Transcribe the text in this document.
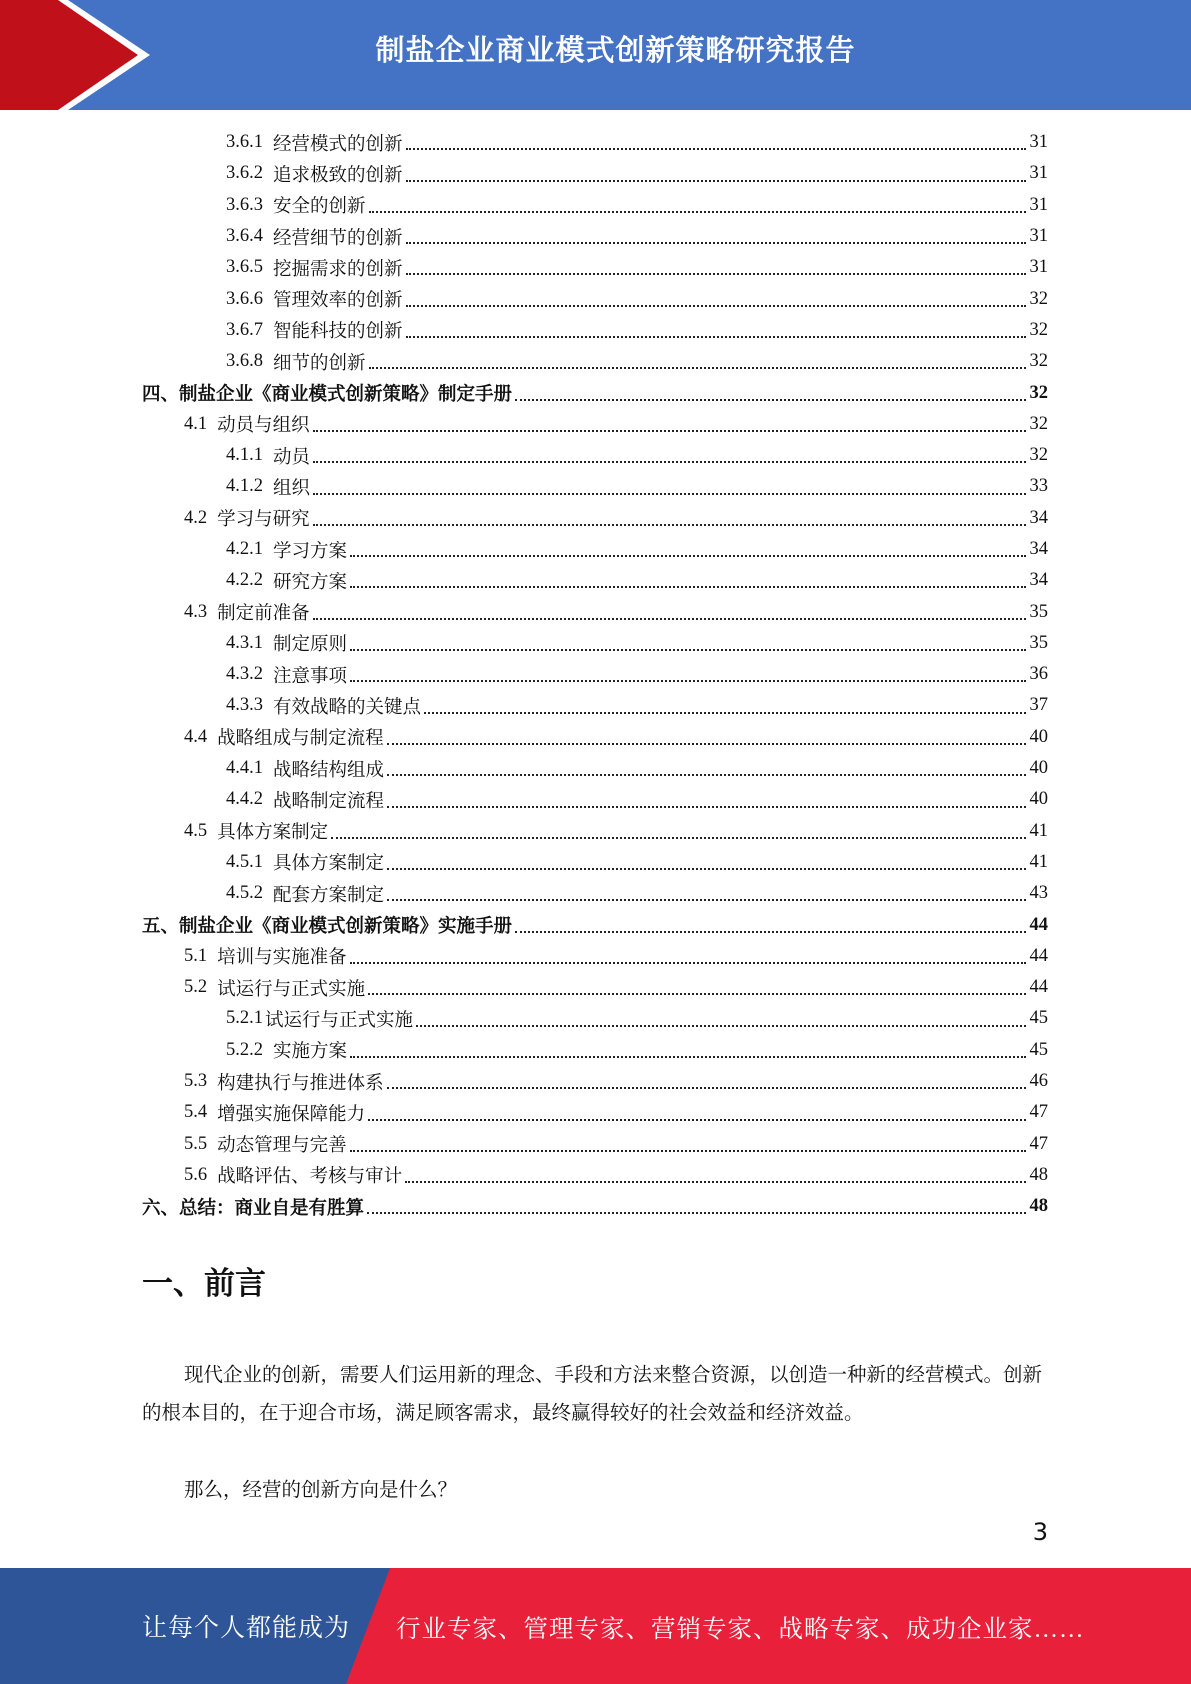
制盐企业商业模式创新策略研究报告
3.6.1 经营模式的创新	31
3.6.2 追求极致的创新	31
3.6.3 安全的创新	31
3.6.4 经营细节的创新	31
3.6.5 挖掘需求的创新	31
3.6.6 管理效率的创新	32
3.6.7 智能科技的创新	32
3.6.8 细节的创新	32
四、制盐企业《商业模式创新策略》制定手册	32
4.1 动员与组织	32
4.1.1 动员	32
4.1.2 组织	33
4.2 学习与研究	34
4.2.1 学习方案	34
4.2.2 研究方案	34
4.3 制定前准备	35
4.3.1 制定原则	35
4.3.2 注意事项	36
4.3.3 有效战略的关键点	37
4.4 战略组成与制定流程	40
4.4.1 战略结构组成	40
4.4.2 战略制定流程	40
4.5 具体方案制定	41
4.5.1 具体方案制定	41
4.5.2 配套方案制定	43
五、制盐企业《商业模式创新策略》实施手册	44
5.1 培训与实施准备	44
5.2 试运行与正式实施	44
5.2.1 试运行与正式实施	45
5.2.2 实施方案	45
5.3 构建执行与推进体系	46
5.4 增强实施保障能力	47
5.5 动态管理与完善	47
5.6 战略评估、考核与审计	48
六、总结：商业自是有胜算	48
一、前言

现代企业的创新，需要人们运用新的理念、手段和方法来整合资源，以创造一种新的经营模式。创新的根本目的，在于迎合市场，满足顾客需求，最终赢得较好的社会效益和经济效益。

那么，经营的创新方向是什么？

3
让每个人都能成为 行业专家、管理专家、营销专家、战略专家、成功企业家……
